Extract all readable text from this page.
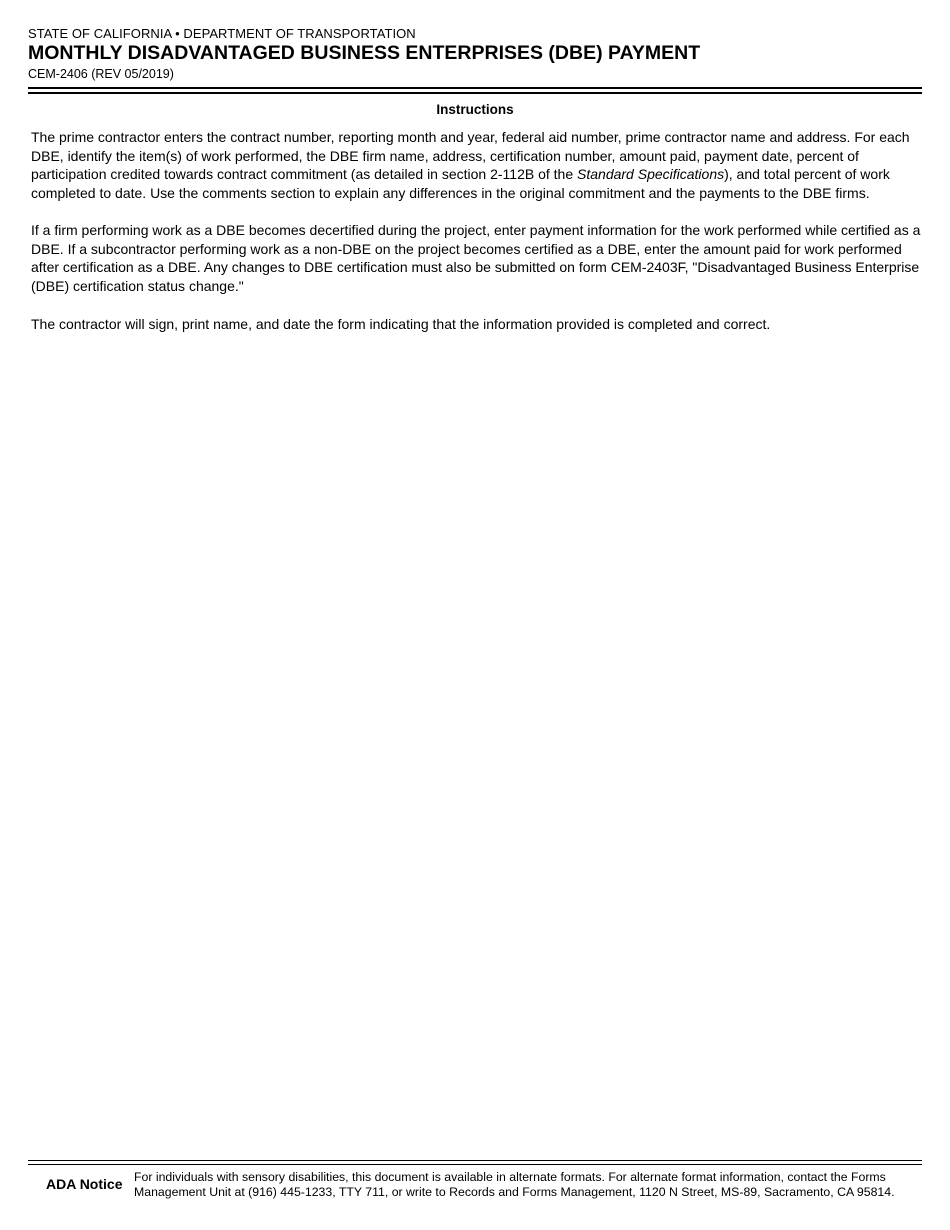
STATE OF CALIFORNIA • DEPARTMENT OF TRANSPORTATION
MONTHLY DISADVANTAGED BUSINESS ENTERPRISES (DBE) PAYMENT
CEM-2406 (REV 05/2019)
Instructions

The prime contractor enters the contract number, reporting month and year, federal aid number, prime contractor name and address. For each DBE, identify the item(s) of work performed, the DBE firm name, address, certification number, amount paid, payment date, percent of participation credited towards contract commitment (as detailed in section 2-112B of the Standard Specifications), and total percent of work completed to date. Use the comments section to explain any differences in the original commitment and the payments to the DBE firms.

If a firm performing work as a DBE becomes decertified during the project, enter payment information for the work performed while certified as a DBE. If a subcontractor performing work as a non-DBE on the project becomes certified as a DBE, enter the amount paid for work performed after certification as a DBE. Any changes to DBE certification must also be submitted on form CEM-2403F, "Disadvantaged Business Enterprise (DBE) certification status change."

The contractor will sign, print name, and date the form indicating that the information provided is completed and correct.

ADA Notice For individuals with sensory disabilities, this document is available in alternate formats. For alternate format information, contact the Forms Management Unit at (916) 445-1233, TTY 711, or write to Records and Forms Management, 1120 N Street, MS-89, Sacramento, CA 95814.
